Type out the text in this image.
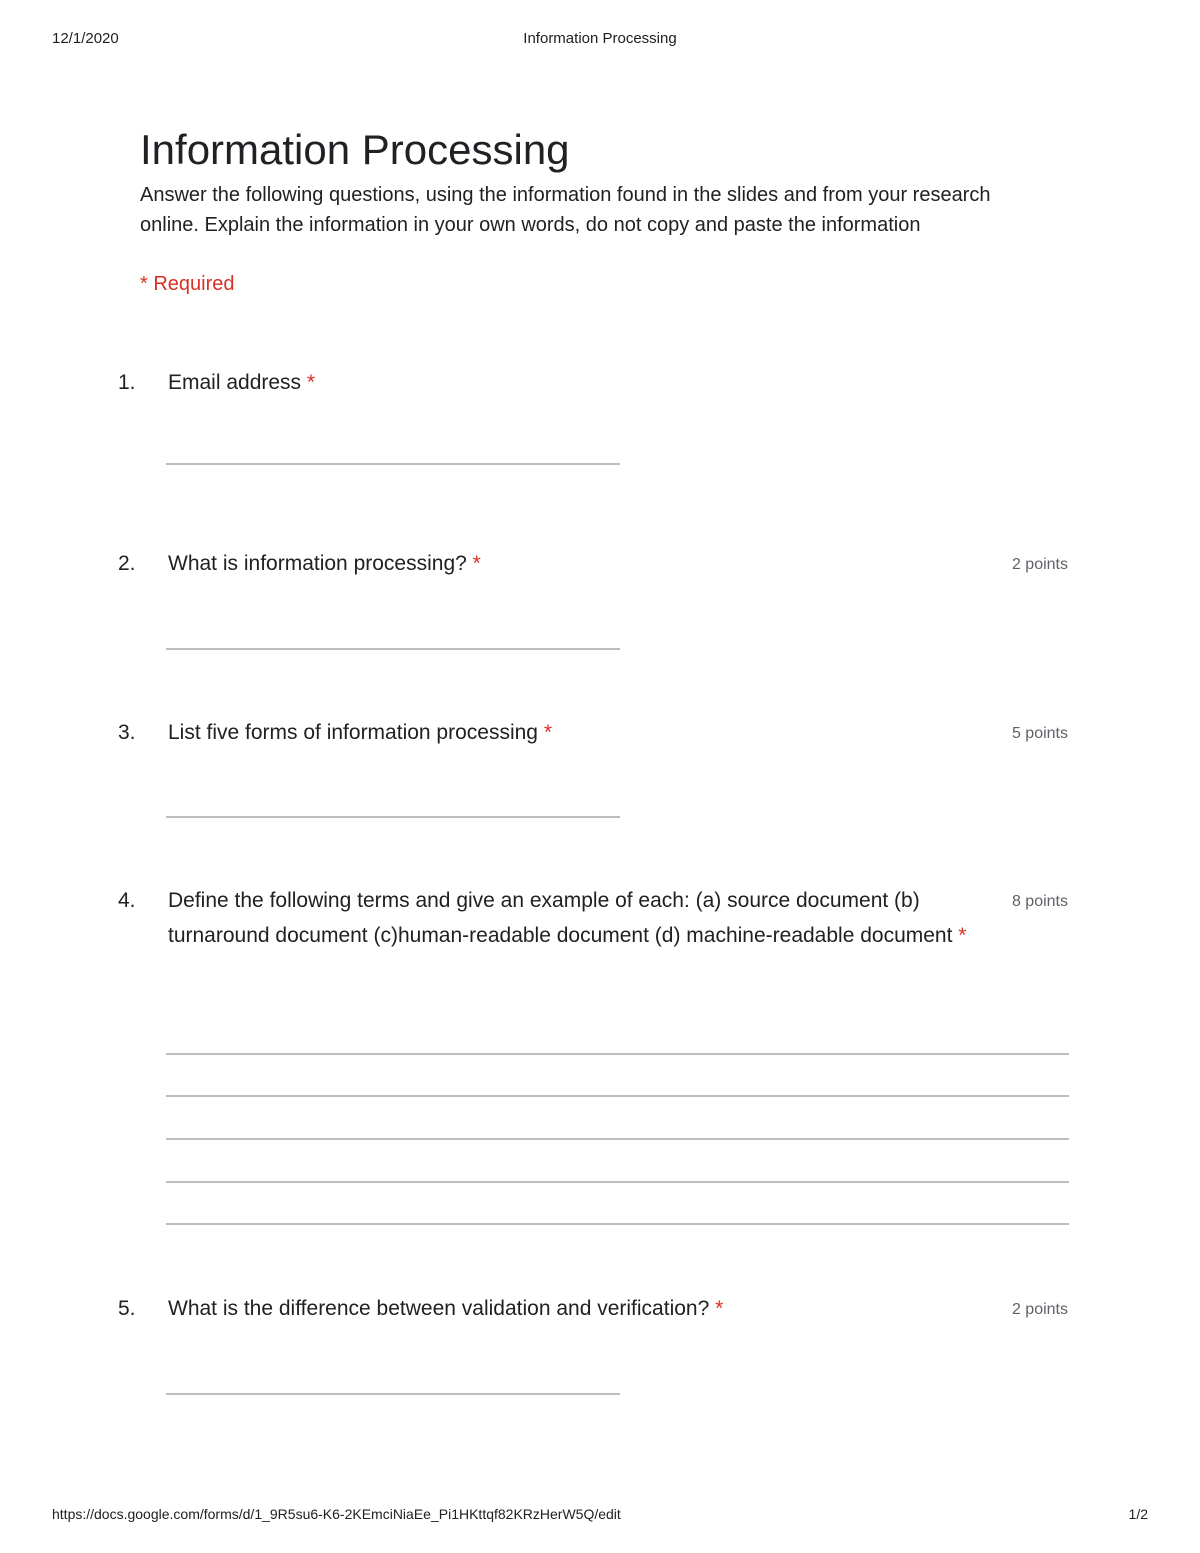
12/1/2020	Information Processing
Information Processing

Answer the following questions, using the information found in the slides and from your research online. Explain the information in your own words, do not copy and paste the information

* Required
1. Email address *
2. What is information processing? *	2 points
3. List five forms of information processing *	5 points
4. Define the following terms and give an example of each: (a) source document (b) turnaround document (c)human-readable document (d) machine-readable document *
8 points
5. What is the difference between validation and verification? *	2 points
https://docs.google.com/forms/d/1_9R5su6-K6-2KEmciNiaEe_Pi1HKttqf82KRzHerW5Q/edit	1/2
